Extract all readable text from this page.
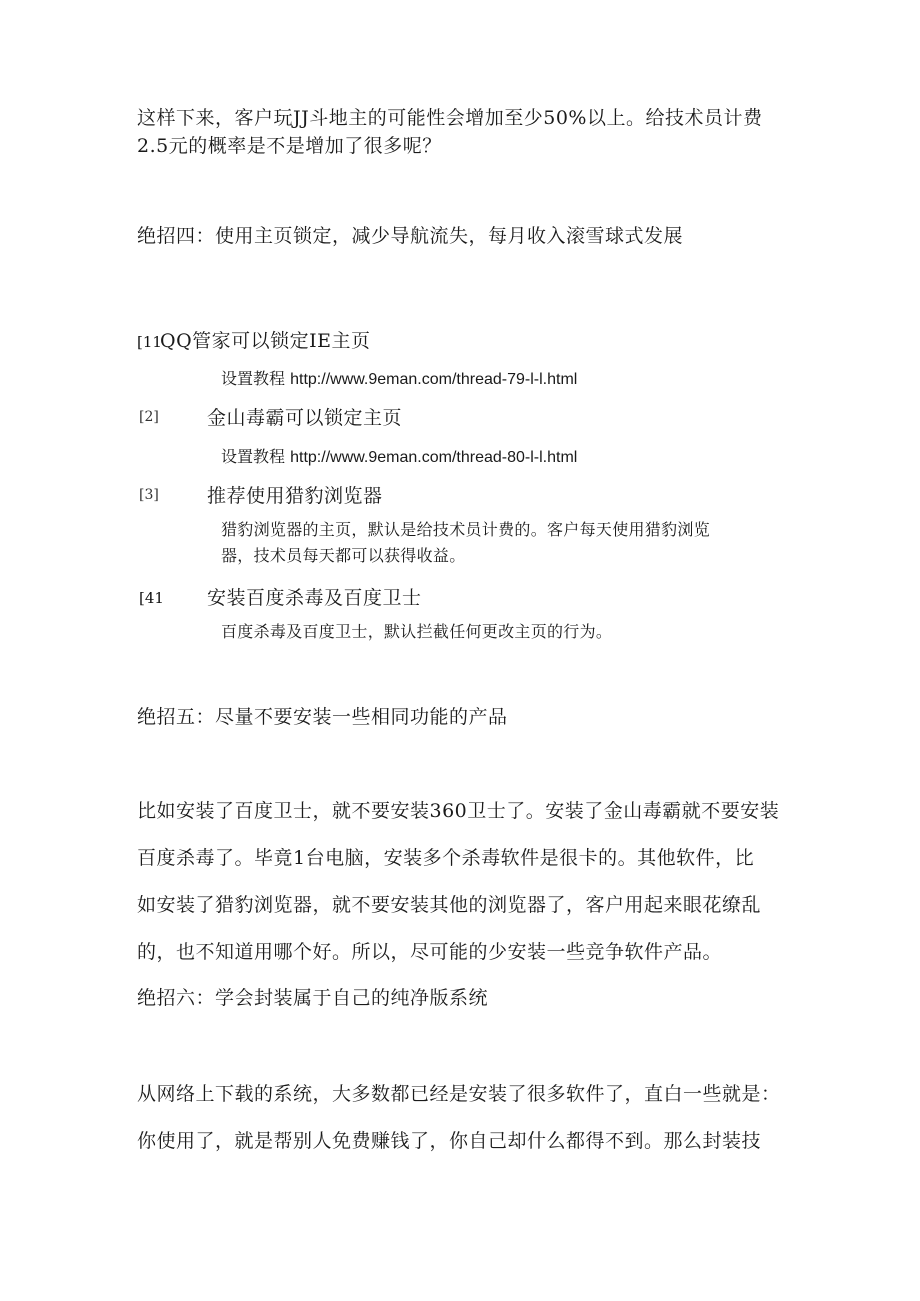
这样下来，客户玩JJ斗地主的可能性会增加至少50%以上。给技术员计费

2.5元的概率是不是增加了很多呢？

绝招四：使用主页锁定，减少导航流失，每月收入滚雪球式发展

[11
QQ管家可以锁定IE主页
设置教程 http://www.9eman.com/thread-79-l-l.html
[2]	金山毒霸可以锁定主页
设置教程 http://www.9eman.com/thread-80-l-l.html
[3]	推荐使用猎豹浏览器
猎豹浏览器的主页，默认是给技术员计费的。客户每天使用猎豹浏览
器，技术员每天都可以获得收益。
[41 安装百度杀毒及百度卫士
百度杀毒及百度卫士，默认拦截任何更改主页的行为。

绝招五：尽量不要安装一些相同功能的产品

比如安装了百度卫士，就不要安装360卫士了。安装了金山毒霸就不要安装

百度杀毒了。毕竟1台电脑，安装多个杀毒软件是很卡的。其他软件，比

如安装了猎豹浏览器，就不要安装其他的浏览器了，客户用起来眼花缭乱

的，也不知道用哪个好。所以，尽可能的少安装一些竞争软件产品。

绝招六：学会封装属于自己的纯净版系统

从网络上下载的系统，大多数都已经是安装了很多软件了，直白一些就是：

你使用了，就是帮别人免费赚钱了，你自己却什么都得不到。那么封装技
